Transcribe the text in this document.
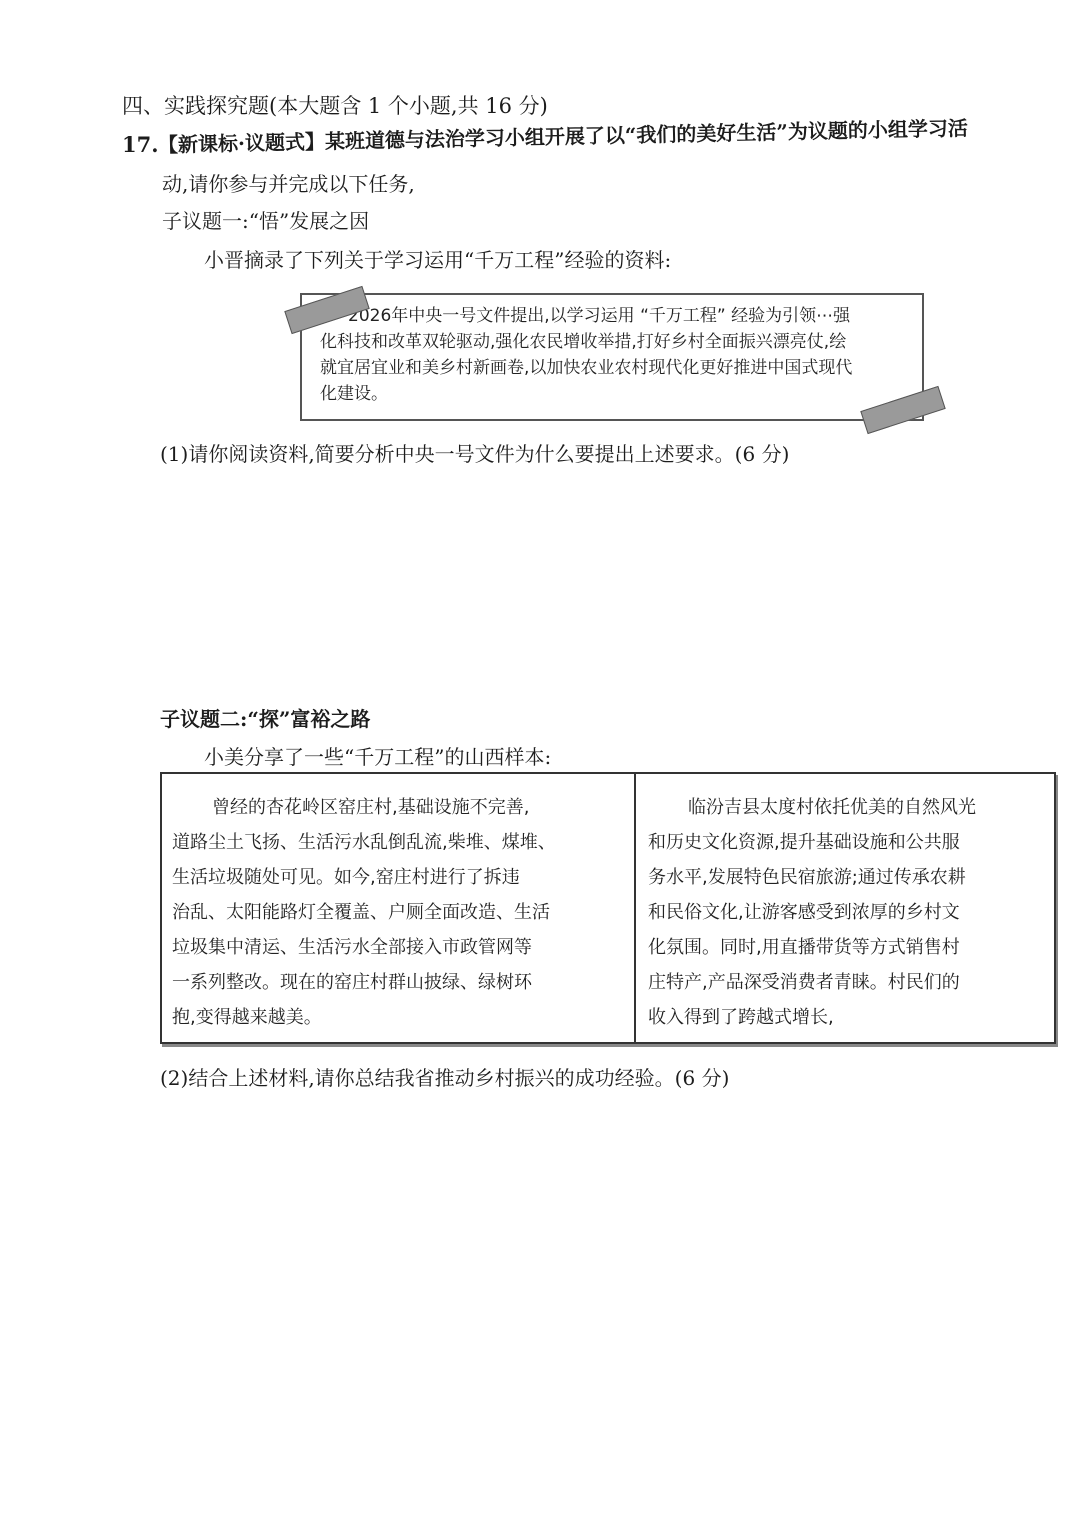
四、实践探究题(本大题含 1 个小题,共 16 分)
17. 【新课标·议题式】某班道德与法治学习小组开展了以“我们的美好生活”为议题的小组学习活
动,请你参与并完成以下任务,
子议题一:“悟”发展之因
小晋摘录了下列关于学习运用“千万工程”经验的资料:
2026年中央一号文件提出,以学习运用 “千万工程” 经验为引领⋯强
化科技和改革双轮驱动,强化农民增收举措,打好乡村全面振兴漂亮仗,绘
就宜居宜业和美乡村新画卷,以加快农业农村现代化更好推进中国式现代
化建设。
(1)请你阅读资料,简要分析中央一号文件为什么要提出上述要求。(6 分)
子议题二:“探”富裕之路
小美分享了一些“千万工程”的山西样本:
曾经的杏花岭区窑庄村,基础设施不完善,
道路尘土飞扬、生活污水乱倒乱流,柴堆、煤堆、
生活垃圾随处可见。如今,窑庄村进行了拆违
治乱、太阳能路灯全覆盖、户厕全面改造、生活
垃圾集中清运、生活污水全部接入市政管网等
一系列整改。现在的窑庄村群山披绿、绿树环
抱,变得越来越美。
临汾吉县太度村依托优美的自然风光
和历史文化资源,提升基础设施和公共服
务水平,发展特色民宿旅游;通过传承农耕
和民俗文化,让游客感受到浓厚的乡村文
化氛围。同时,用直播带货等方式销售村
庄特产,产品深受消费者青睐。村民们的
收入得到了跨越式增长,
(2)结合上述材料,请你总结我省推动乡村振兴的成功经验。(6 分)
